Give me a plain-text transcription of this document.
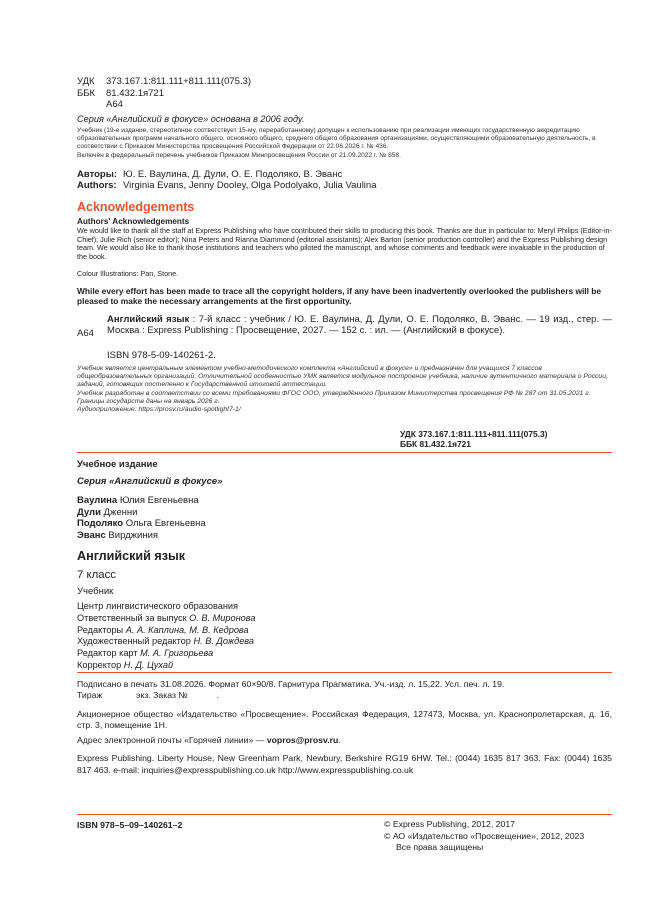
УДК	373.167.1:811.111+811.111(075.3)
ББК	81.432.1я721
А64
Серия «Английский в фокусе» основана в 2006 году.
Учебник (19-е издание, стереотипное соответствует 15-му, переработанному) допущен к использованию при реализации имеющих государственную аккредитацию образовательных программ начального общего, основного общего, среднего общего образования организациями, осуществляющими образовательную деятельность, в соответствии с Приказом Министерства просвещения Российской Федерации от 22.06.2026 г. № 436.
Включён в федеральный перечень учебников Приказом Минпросвещения России от 21.09.2022 г. № 858.
Авторы: Ю. Е. Ваулина, Д. Дули, О. Е. Подоляко, В. Эванс
Authors: Virginia Evans, Jenny Dooley, Olga Podolyako, Julia Vaulina
Acknowledgements
Authors' Acknowledgements
We would like to thank all the staff at Express Publishing who have contributed their skills to producing this book. Thanks are due in particular to: Meryl Philips (Editor-in-Chief); Julie Rich (senior editor); Nina Peters and Rianna Diammond (editorial assistants); Alex Barton (senior production controller) and the Express Publishing design team. We would also like to thank those institutions and teachers who piloted the manuscript, and whose comments and feedback were invaluable in the production of the book.
Colour Illustrations: Pan, Stone.
While every effort has been made to trace all the copyright holders, if any have been inadvertently overlooked the publishers will be pleased to make the necessary arrangements at the first opportunity.
А64
Английский язык : 7-й класс : учебник / Ю. Е. Ваулина, Д. Дули, О. Е. Подоляко, В. Эванс. — 19 изд., стер. — Москва : Express Publishing : Просвещение, 2027. — 152 с. : ил. — (Английский в фокусе).
ISBN 978-5-09-140261-2.
Учебник является центральным элементом учебно-методического комплекта «Английский в фокусе» и предназначен для учащихся 7 классов общеобразовательных организаций. Отличительной особенностью УМК является модульное построение учебника, наличие аутентичного материала о России, заданий, готовящих постепенно к Государственной итоговой аттестации.
Учебник разработан в соответствии со всеми требованиями ФГОС ООО, утверждённого Приказом Министерства просвещения РФ № 287 от 31.05.2021 г.
Границы государств даны на январь 2026 г.
Аудиоприложение: https://prosv.ru/audio-spotlight7-1/
УДК 373.167.1:811.111+811.111(075.3)
ББК 81.432.1я721
Учебное издание
Серия «Английский в фокусе»
Ваулина Юлия Евгеньевна
Дули Дженни
Подоляко Ольга Евгеньевна
Эванс Вирджиния
Английский язык
7 класс
Учебник
Центр лингвистического образования
Ответственный за выпуск О. В. Миронова
Редакторы А. А. Каплина, М. В. Кедрова
Художественный редактор Н. В. Дождева
Редактор карт М. А. Григорьева
Корректор Н. Д. Цухай
Подписано в печать 31.08.2026. Формат 60×90/8. Гарнитура Прагматика. Уч.-изд. л. 15,22. Усл. печ. л. 19.
Тираж              экз. Заказ №            .
Акционерное общество «Издательство «Просвещение». Российская Федерация, 127473, Москва, ул. Краснопролетарская, д. 16, стр. 3, помещение 1Н.
Адрес электронной почты «Горячей линии» — vopros@prosv.ru.
Express Publishing. Liberty House, New Greenham Park, Newbury, Berkshire RG19 6HW. Tel.: (0044) 1635 817 363. Fax: (0044) 1635 817 463. e-mail: inquiries@expresspublishing.co.uk http://www.expresspublishing.co.uk
ISBN 978–5–09–140261–2	© Express Publishing, 2012, 2017
© АО «Издательство «Просвещение», 2012, 2023
Все права защищены
